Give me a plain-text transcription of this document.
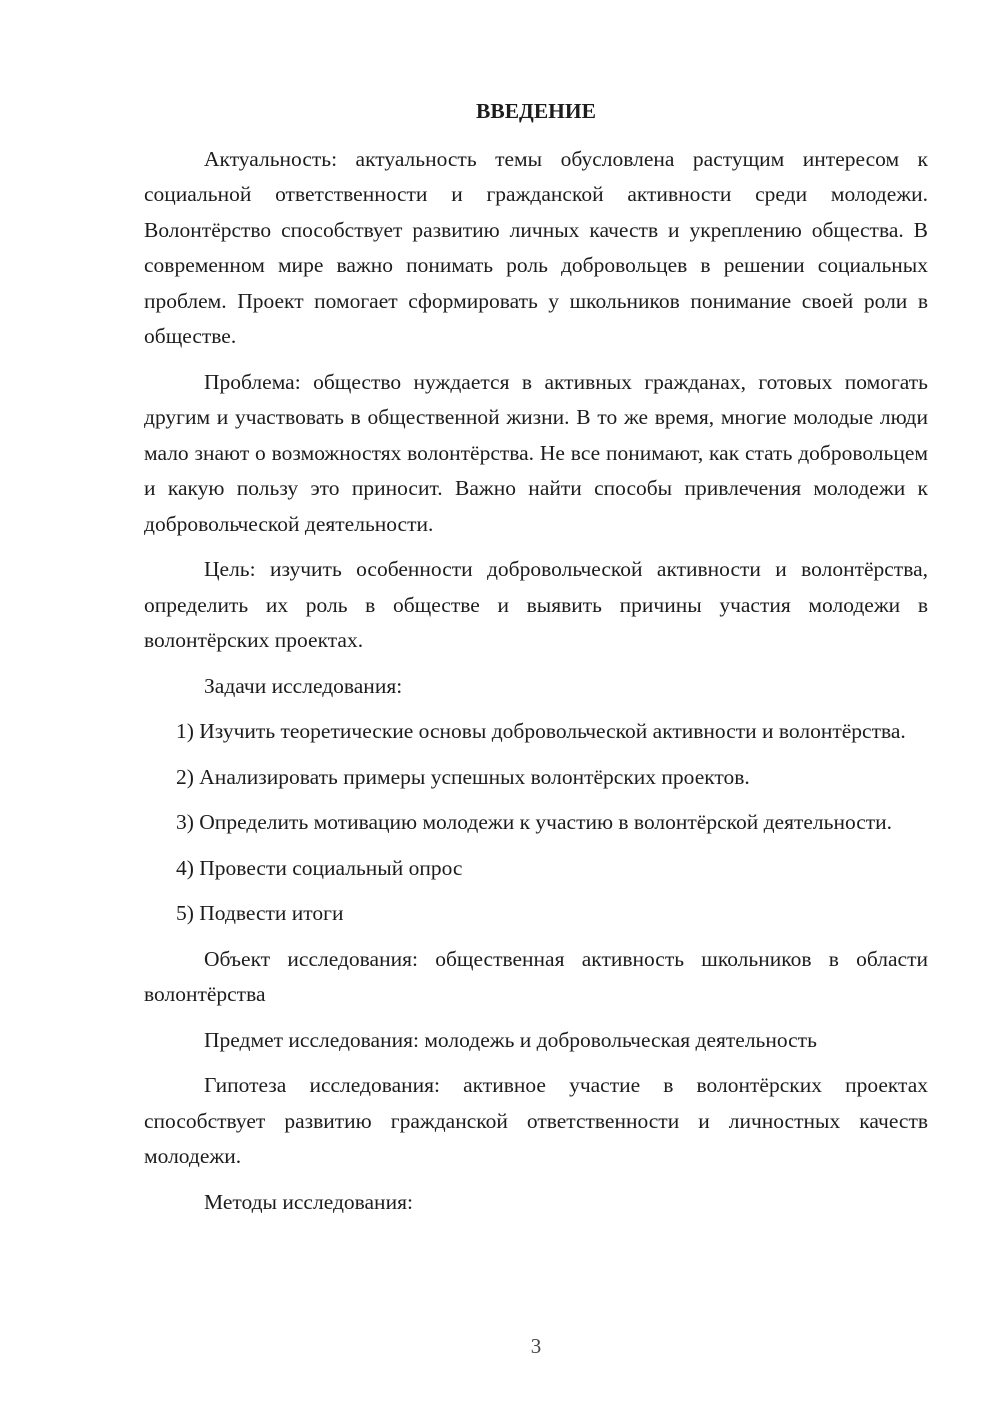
ВВЕДЕНИЕ

Актуальность: актуальность темы обусловлена растущим интересом к социальной ответственности и гражданской активности среди молодежи. Волонтёрство способствует развитию личных качеств и укреплению общества. В современном мире важно понимать роль добровольцев в решении социальных проблем. Проект помогает сформировать у школьников понимание своей роли в обществе.

Проблема: общество нуждается в активных гражданах, готовых помогать другим и участвовать в общественной жизни. В то же время, многие молодые люди мало знают о возможностях волонтёрства. Не все понимают, как стать добровольцем и какую пользу это приносит. Важно найти способы привлечения молодежи к добровольческой деятельности.

Цель: изучить особенности добровольческой активности и волонтёрства, определить их роль в обществе и выявить причины участия молодежи в волонтёрских проектах.

Задачи исследования:

1) Изучить теоретические основы добровольческой активности и волонтёрства.

2) Анализировать примеры успешных волонтёрских проектов.

3) Определить мотивацию молодежи к участию в волонтёрской деятельности.

4) Провести социальный опрос

5) Подвести итоги

Объект исследования: общественная активность школьников в области волонтёрства

Предмет исследования: молодежь и добровольческая деятельность

Гипотеза исследования: активное участие в волонтёрских проектах способствует развитию гражданской ответственности и личностных качеств молодежи.

Методы исследования:

3
